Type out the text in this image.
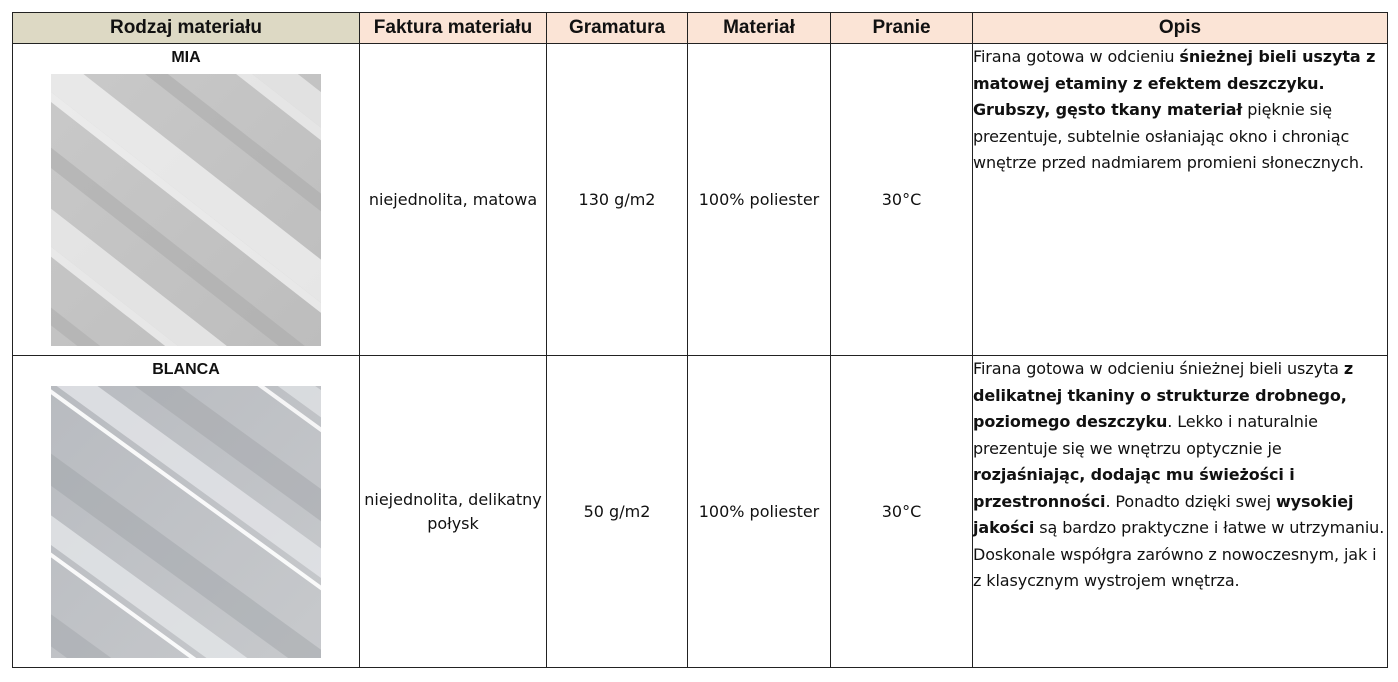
Rodzaj materiału	Faktura materiału	Gramatura	Materiał	Pranie	Opis

MIA	niejednolita, matowa	130 g/m2	100% poliester	30°C	Firana gotowa w odcieniu śnieżnej bieli uszyta z matowej etaminy z efektem deszczyku. Grubszy, gęsto tkany materiał pięknie się prezentuje, subtelnie osłaniając okno i chroniąc wnętrze przed nadmiarem promieni słonecznych.

BLANCA	niejednolita, delikatny połysk	50 g/m2	100% poliester	30°C	Firana gotowa w odcieniu śnieżnej bieli uszyta z delikatnej tkaniny o strukturze drobnego, poziomego deszczyku. Lekko i naturalnie prezentuje się we wnętrzu optycznie je rozjaśniając, dodając mu świeżości i przestronności. Ponadto dzięki swej wysokiej jakości są bardzo praktyczne i łatwe w utrzymaniu. Doskonale współgra zarówno z nowoczesnym, jak i z klasycznym wystrojem wnętrza.
